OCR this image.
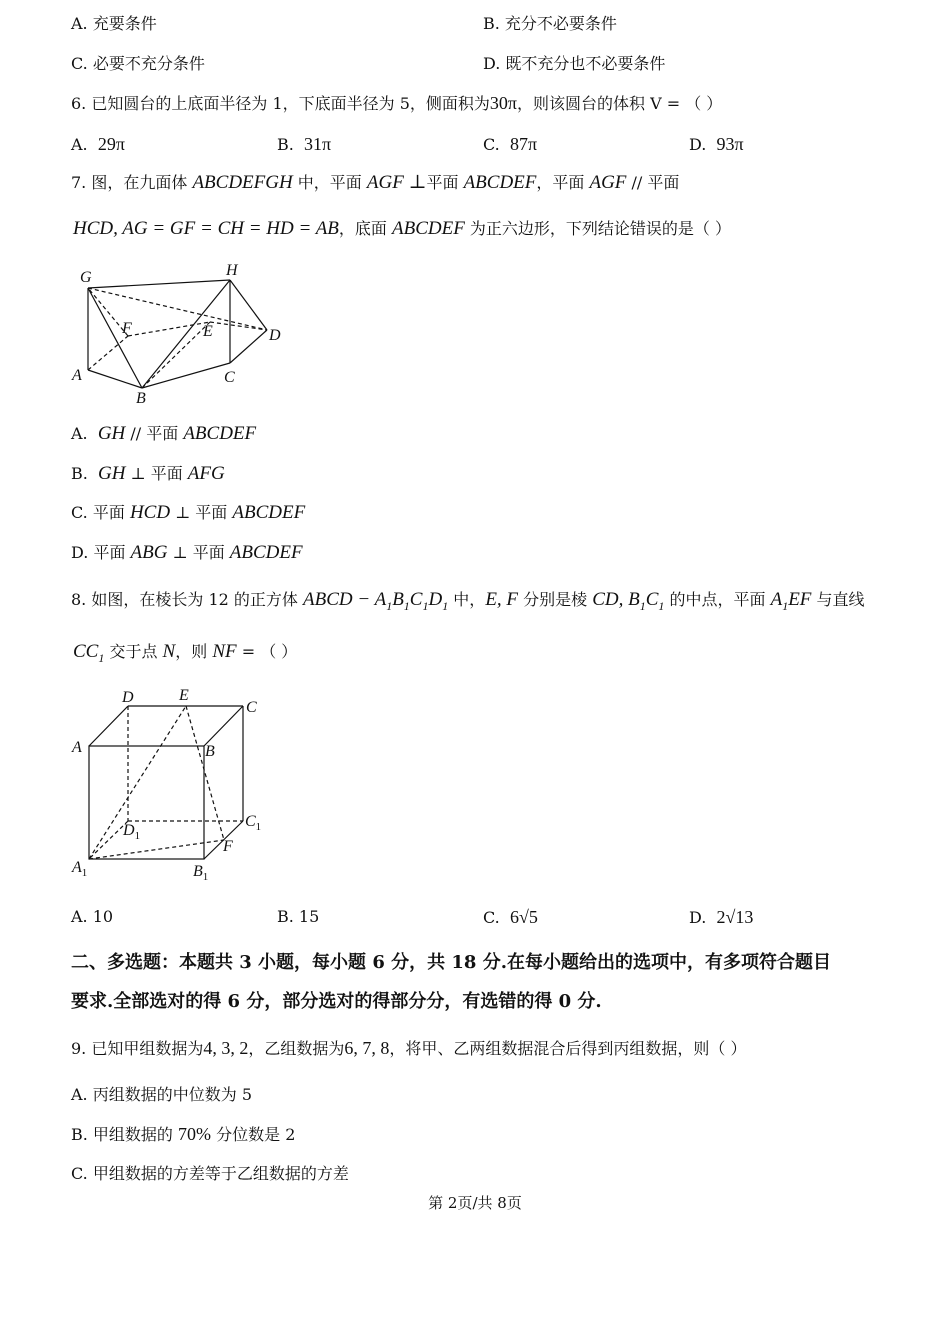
A. 充要条件	B. 充分不必要条件
C. 必要不充分条件	D. 既不充分也不必要条件
6. 已知圆台的上底面半径为 1，下底面半径为 5，侧面积为30π，则该圆台的体积 V = （ ）
A. 29π	B. 31π	C. 87π	D. 93π
7. 图，在九面体 ABCDEFGH 中，平面 AGF ⊥平面 ABCDEF，平面 AGF // 平面
HCD, AG = GF = CH = HD = AB，底面 ABCDEF 为正六边形，下列结论错误的是（ ）
G	H
F	E	D
A	C
B
A. GH // 平面 ABCDEF
B. GH ⊥ 平面 AFG
C. 平面 HCD ⊥ 平面 ABCDEF
D. 平面 ABG ⊥ 平面 ABCDEF
8. 如图，在棱长为 12 的正方体 ABCD − $A_1B_1C_1D_1$ 中，E, F 分别是棱 CD, $B_1C_1$ 的中点，平面 $A_1EF$ 与直线
$CC_1$ 交于点 N，则 NF = （ ）
D	E
C
A	B
$D_1$
$C_1$
F
$A_1$	$B_1$
A. 10	B. 15	C. 6√5	D. 2√13
二、多选题：本题共 3 小题，每小题 6 分，共 18 分.在每小题给出的选项中，有多项符合题目
要求.全部选对的得 6 分，部分选对的得部分分，有选错的得 0 分.
9. 已知甲组数据为4, 3, 2，乙组数据为6, 7, 8，将甲、乙两组数据混合后得到丙组数据，则（ ）
A. 丙组数据的中位数为 5
B. 甲组数据的 70% 分位数是 2
C. 甲组数据的方差等于乙组数据的方差
第 2页/共 8页
